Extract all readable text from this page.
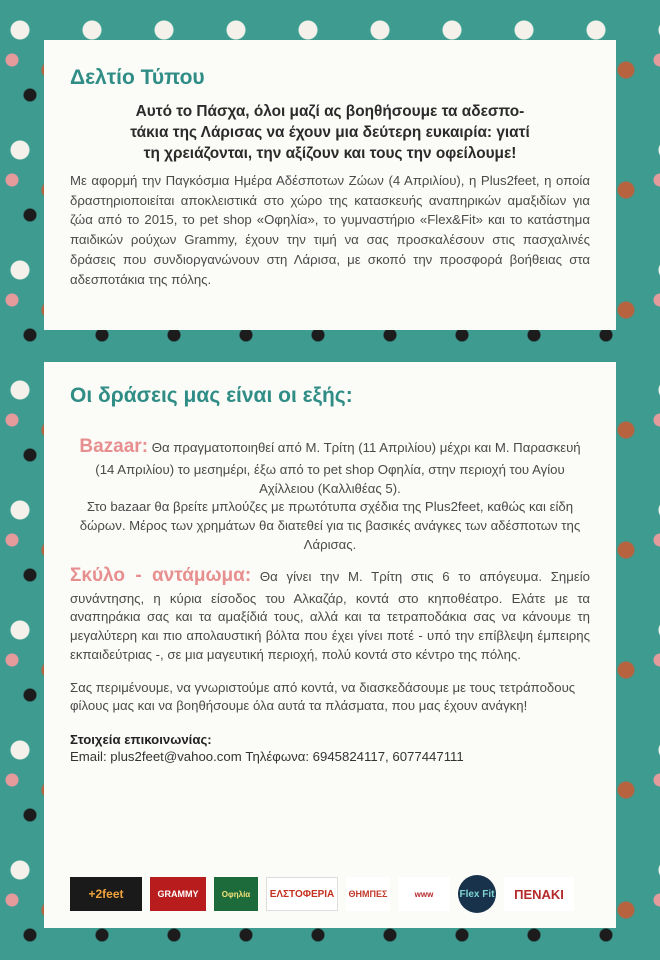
Δελτίο Τύπου

Αυτό το Πάσχα, όλοι μαζί ας βοηθήσουμε τα αδεσπο-
τάκια της Λάρισας να έχουν μια δεύτερη ευκαιρία: γιατί
τη χρειάζονται, την αξίζουν και τους την οφείλουμε!

Με αφορμή την Παγκόσμια Ημέρα Αδέσποτων Ζώων (4 Απριλίου), η Plus2feet, η οποία δραστηριοποιείται αποκλειστικά στο χώρο της κατασκευής αναπηρικών αμαξιδίων για ζώα από το 2015, το pet shop «Οφηλία», το γυμναστήριο «Flex&Fit» και το κατάστημα παιδικών ρούχων Grammy, έχουν την τιμή να σας προσκαλέσουν στις πασχαλινές δράσεις που συνδιοργανώνουν στη Λάρισα, με σκοπό την προσφορά βοήθειας στα αδεσποτάκια της πόλης.

Οι δράσεις μας είναι οι εξής:

Bazaar: Θα πραγματοποιηθεί από Μ. Τρίτη (11 Απριλίου) μέχρι και Μ. Παρασκευή (14 Απριλίου) το μεσημέρι, έξω από το pet shop Οφηλία, στην περιοχή του Αγίου Αχίλλειου (Καλλιθέας 5).
Στο bazaar θα βρείτε μπλούζες με πρωτότυπα σχέδια της Plus2feet, καθώς και είδη δώρων. Μέρος των χρημάτων θα διατεθεί για τις βασικές ανάγκες των αδέσποτων της Λάρισας.

Σκύλο - αντάμωμα: Θα γίνει την Μ. Τρίτη στις 6 το απόγευμα. Σημείο συνάντησης, η κύρια είσοδος του Αλκαζάρ, κοντά στο κηποθέατρο. Ελάτε με τα αναπηράκια σας και τα αμαξίδιά τους, αλλά και τα τετραποδάκια σας να κάνουμε τη μεγαλύτερη και πιο απολαυστική βόλτα που έχει γίνει ποτέ - υπό την επίβλεψη έμπειρης εκπαιδεύτριας -, σε μια μαγευτική περιοχή, πολύ κοντά στο κέντρο της πόλης.

Σας περιμένουμε, να γνωριστούμε από κοντά, να διασκεδάσουμε με τους τετράποδους φίλους μας και να βοηθήσουμε όλα αυτά τα πλάσματα, που μας έχουν ανάγκη!

Στοιχεία επικοινωνίας:

Email: plus2feet@vahoo.com Τηλέφωνα: 6945824117, 6077447111

+2feet	GRAMMY	Οφηλία	ΕΛΣΤΟΦΕΡΙΑ	ΘΗΜΠΕΣ	www	Flex Fit	ΠΕΝΑΚΙ
